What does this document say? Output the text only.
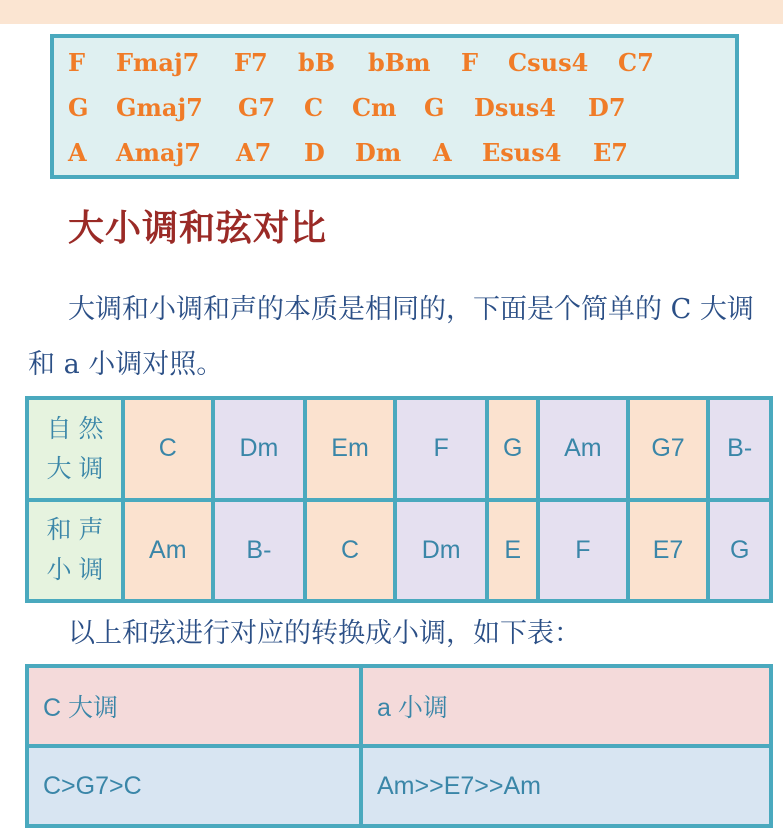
F Fmaj7 F7 bB bBm F Csus4 C7
G Gmaj7 G7 C Cm G Dsus4 D7
A Amaj7 A7 D Dm A Esus4 E7
大小调和弦对比
大调和小调和声的本质是相同的，下面是个简单的 C 大调和 a 小调对照。
自 然
大 调	C	Dm	Em	F	G	Am	G7	B-

和 声
小 调	Am	B-	C	Dm	E	F	E7	G
以上和弦进行对应的转换成小调，如下表：
C 大调	a 小调
C>G7>C	Am>>E7>>Am
